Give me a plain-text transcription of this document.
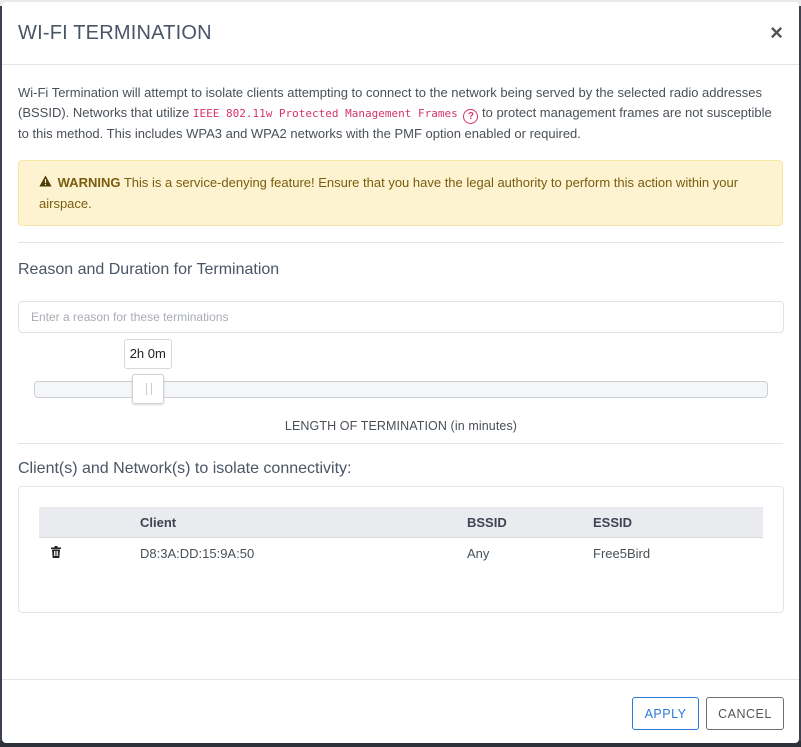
WI-FI TERMINATION	×

Wi-Fi Termination will attempt to isolate clients attempting to connect to the network being served by the selected radio addresses (BSSID). Networks that utilize IEEE 802.11w Protected Management Frames ? to protect management frames are not susceptible to this method. This includes WPA3 and WPA2 networks with the PMF option enabled or required.

WARNING This is a service-denying feature! Ensure that you have the legal authority to perform this action within your airspace.
Reason and Duration for Termination
Enter a reason for these terminations
2h 0m
LENGTH OF TERMINATION (in minutes)
Client(s) and Network(s) to isolate connectivity:
	Client	BSSID	ESSID
	D8:3A:DD:15:9A:50	Any	Free5Bird
APPLY	CANCEL
